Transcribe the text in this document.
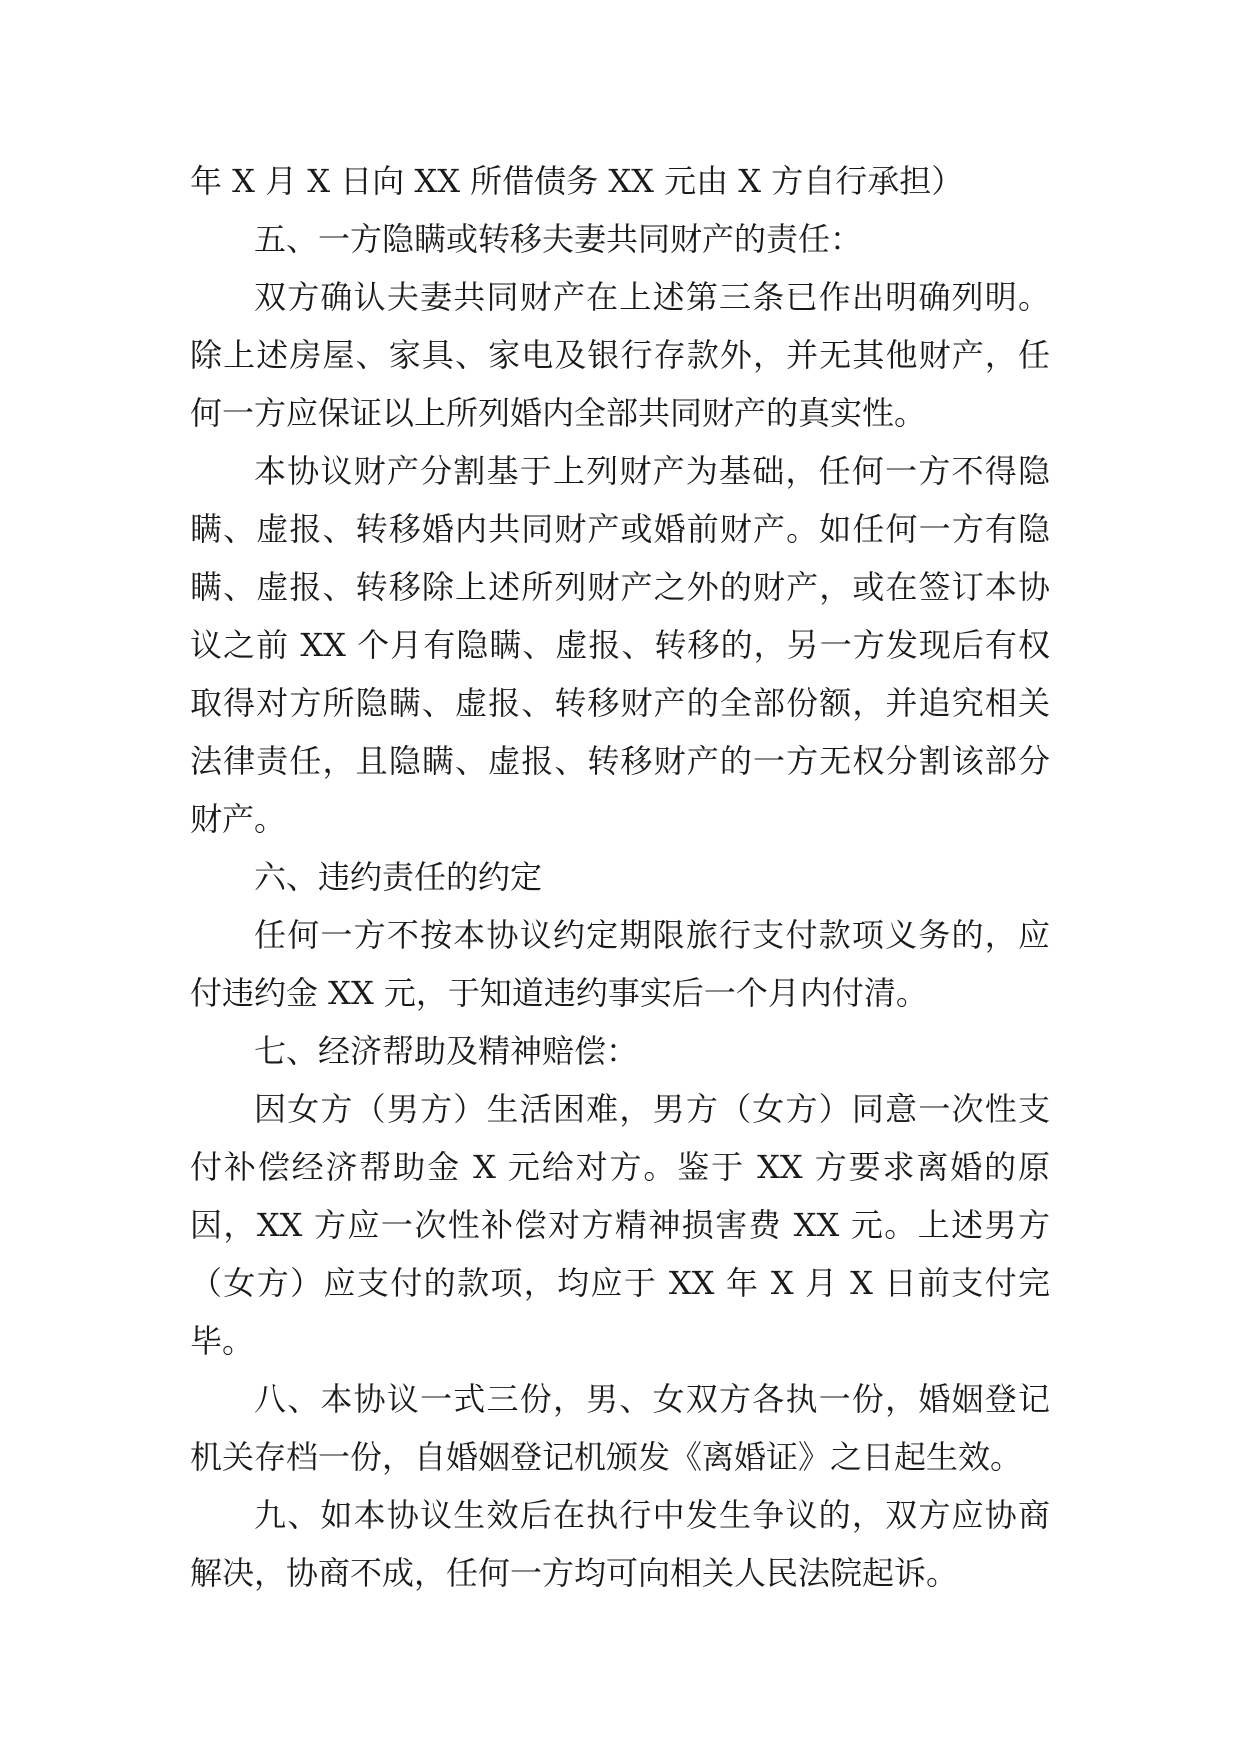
年 X 月 X 日向 XX 所借债务 XX 元由 X 方自行承担）

五、一方隐瞒或转移夫妻共同财产的责任：

双方确认夫妻共同财产在上述第三条已作出明确列明。除上述房屋、家具、家电及银行存款外，并无其他财产，任何一方应保证以上所列婚内全部共同财产的真实性。

本协议财产分割基于上列财产为基础，任何一方不得隐瞒、虚报、转移婚内共同财产或婚前财产。如任何一方有隐瞒、虚报、转移除上述所列财产之外的财产，或在签订本协议之前 XX 个月有隐瞒、虚报、转移的，另一方发现后有权取得对方所隐瞒、虚报、转移财产的全部份额，并追究相关法律责任，且隐瞒、虚报、转移财产的一方无权分割该部分财产。

六、违约责任的约定

任何一方不按本协议约定期限旅行支付款项义务的，应付违约金 XX 元，于知道违约事实后一个月内付清。

七、经济帮助及精神赔偿：

因女方（男方）生活困难，男方（女方）同意一次性支付补偿经济帮助金 X 元给对方。鉴于 XX 方要求离婚的原因，XX 方应一次性补偿对方精神损害费 XX 元。上述男方（女方）应支付的款项，均应于 XX 年 X 月 X 日前支付完毕。

八、本协议一式三份，男、女双方各执一份，婚姻登记机关存档一份，自婚姻登记机颁发《离婚证》之日起生效。

九、如本协议生效后在执行中发生争议的，双方应协商解决，协商不成，任何一方均可向相关人民法院起诉。
